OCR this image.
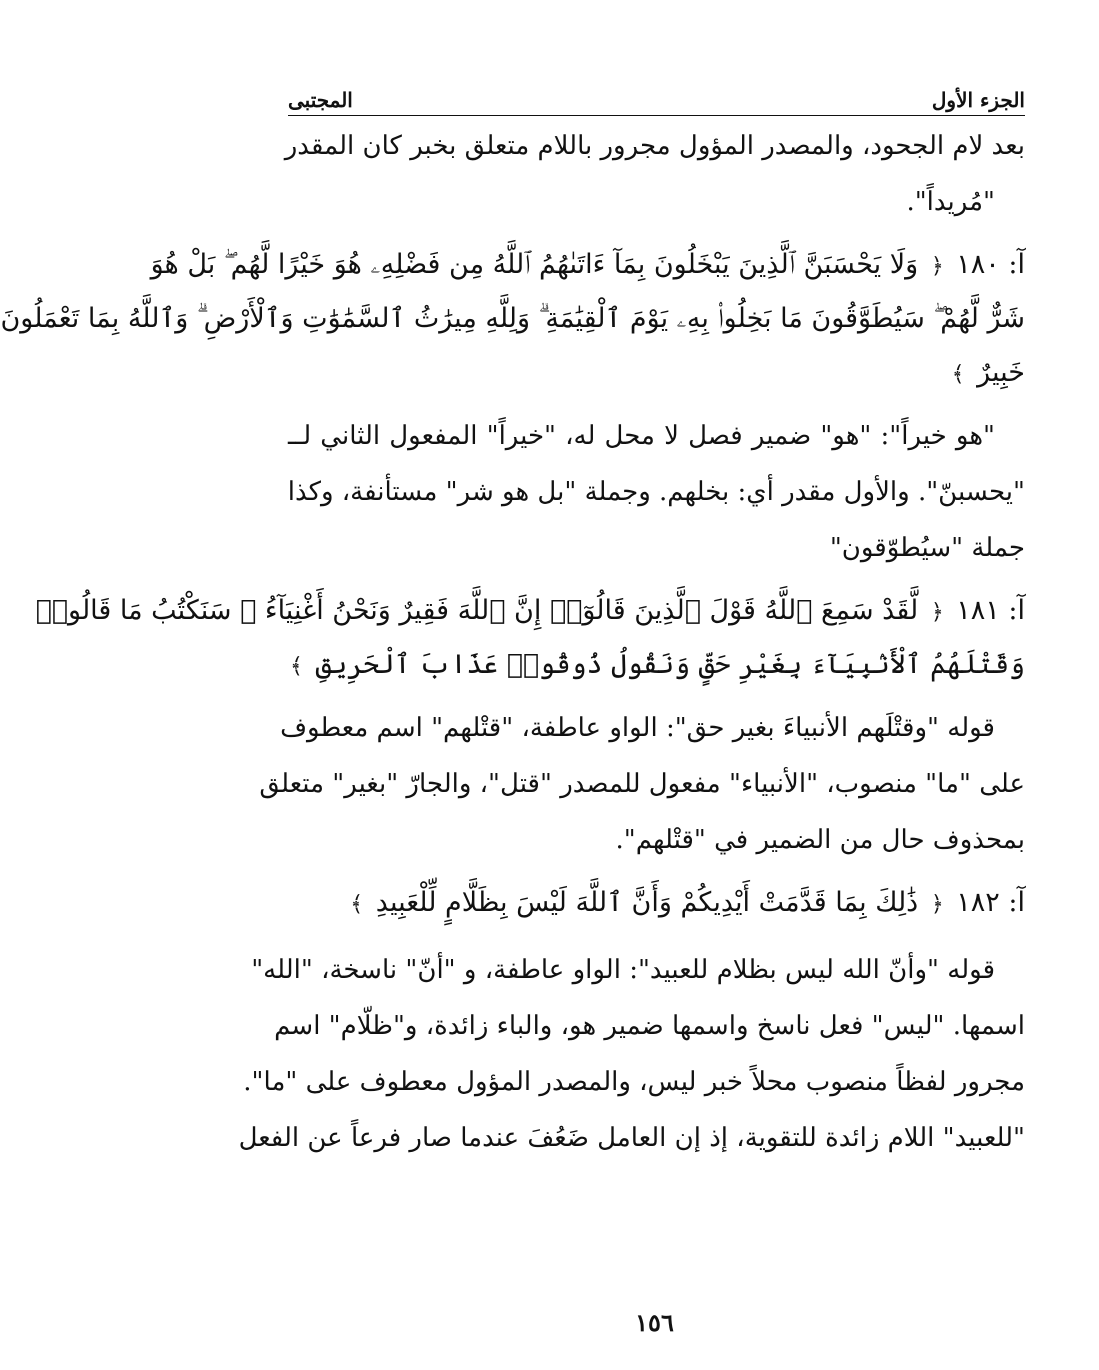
الجزء الأول
المجتبى
بعد لام الجحود، والمصدر المؤول مجرور باللام متعلق بخبر كان المقدر
"مُريداً".
آ: ١٨٠ ﴿ وَلَا يَحْسَبَنَّ ٱلَّذِينَ يَبْخَلُونَ بِمَآ ءَاتَىٰهُمُ ٱللَّهُ مِن فَضْلِهِۦ هُوَ خَيْرًا لَّهُم ۖ بَلْ هُوَ
شَرٌّ لَّهُمْ ۖ سَيُطَوَّقُونَ مَا بَخِلُوا۟ بِهِۦ يَوْمَ ٱلْقِيَٰمَةِ ۗ وَلِلَّهِ مِيرَٰثُ ٱلسَّمَٰوَٰتِ وَٱلْأَرْضِ ۗ وَٱللَّهُ بِمَا تَعْمَلُونَ
خَبِيرٌ ﴾
"هو خيراً": "هو" ضمير فصل لا محل له، "خيراً" المفعول الثاني لــ
"يحسبنّ". والأول مقدر أي: بخلهم. وجملة "بل هو شر" مستأنفة، وكذا
جملة "سيُطوّقون"
آ: ١٨١ ﴿ لَّقَدْ سَمِعَ ٱللَّهُ قَوْلَ ٱلَّذِينَ قَالُوٓا۟ إِنَّ ٱللَّهَ فَقِيرٌ وَنَحْنُ أَغْنِيَآءُ ۘ سَنَكْتُبُ مَا قَالُوا۟
وَقَتْلَهُمُ ٱلْأَنۢبِيَآءَ بِغَيْرِ حَقٍّ وَنَقُولُ ذُوقُوا۟ عَذَابَ ٱلْحَرِيقِ ﴾
قوله "وقتْلَهم الأنبياءَ بغير حق": الواو عاطفة، "قتْلهم" اسم معطوف
على "ما" منصوب، "الأنبياء" مفعول للمصدر "قتل"، والجارّ "بغير" متعلق
بمحذوف حال من الضمير في "قتْلهم".
آ: ١٨٢ ﴿ ذَٰلِكَ بِمَا قَدَّمَتْ أَيْدِيكُمْ وَأَنَّ ٱللَّهَ لَيْسَ بِظَلَّامٍ لِّلْعَبِيدِ ﴾
قوله "وأنّ الله ليس بظلام للعبيد": الواو عاطفة، و "أنّ" ناسخة، "الله"
اسمها. "ليس" فعل ناسخ واسمها ضمير هو، والباء زائدة، و"ظلّام" اسم
مجرور لفظاً منصوب محلاً خبر ليس، والمصدر المؤول معطوف على "ما".
"للعبيد" اللام زائدة للتقوية، إذ إن العامل ضَعُفَ عندما صار فرعاً عن الفعل
١٥٦
